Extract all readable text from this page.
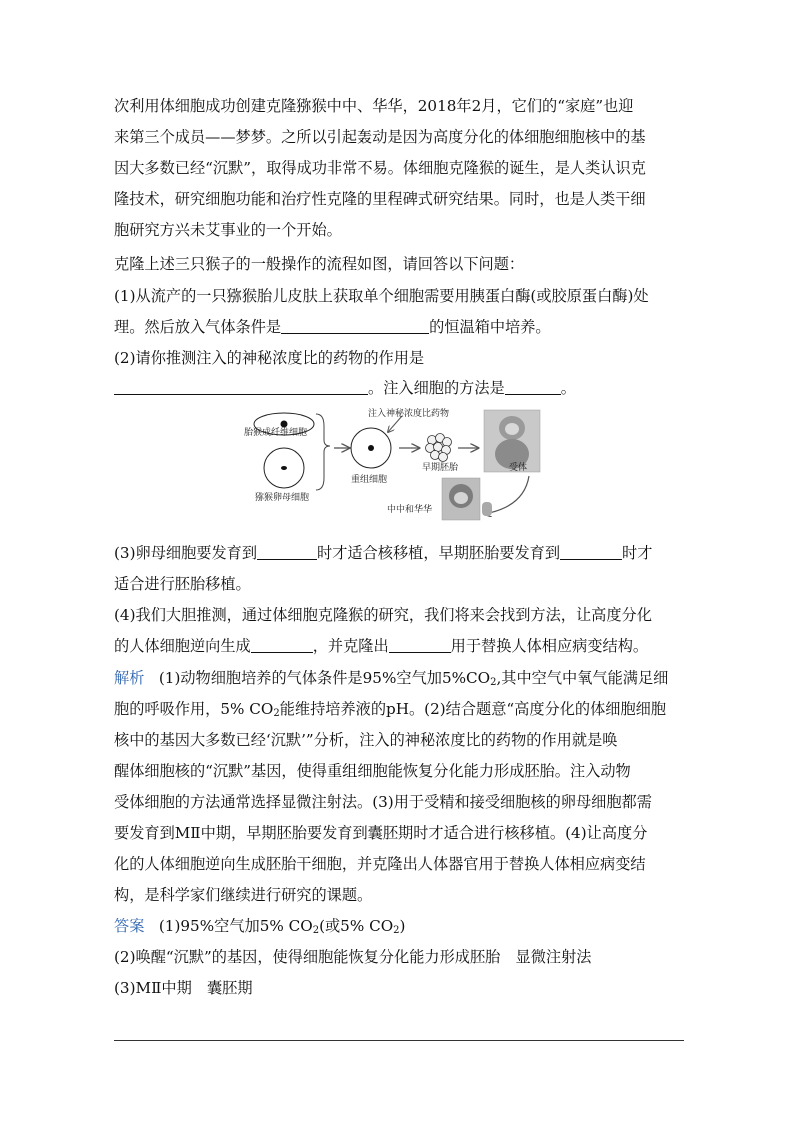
次利用体细胞成功创建克隆猕猴中中、华华，2018年2月，它们的“家庭”也迎
来第三个成员——梦梦。之所以引起轰动是因为高度分化的体细胞细胞核中的基
因大多数已经“沉默”，取得成功非常不易。体细胞克隆猴的诞生，是人类认识克
隆技术，研究细胞功能和治疗性克隆的里程碑式研究结果。同时，也是人类干细
胞研究方兴未艾事业的一个开始。
克隆上述三只猴子的一般操作的流程如图，请回答以下问题：
(1)从流产的一只猕猴胎儿皮肤上获取单个细胞需要用胰蛋白酶(或胶原蛋白酶)处
理。然后放入气体条件是	的恒温箱中培养。
(2)请你推测注入的神秘浓度比的药物的作用是
。注入细胞的方法是	。
胎猴成纤维细胞
猕猴卵母细胞
注入神秘浓度比药物
重组细胞
早期胚胎	受体
中中和华华
(3)卵母细胞要发育到	时才适合核移植，早期胚胎要发育到	时才
适合进行胚胎移植。
(4)我们大胆推测，通过体细胞克隆猴的研究，我们将来会找到方法，让高度分化
的人体细胞逆向生成	，并克隆出	用于替换人体相应病变结构。
解析 (1)动物细胞培养的气体条件是95%空气加$5\%CO_2$,其中空气中氧气能满足细
胞的呼吸作用，5% $CO_2$能维持培养液的pH。(2)结合题意“高度分化的体细胞细胞
核中的基因大多数已经‘沉默’”分析，注入的神秘浓度比的药物的作用就是唤
醒体细胞核的“沉默”基因，使得重组细胞能恢复分化能力形成胚胎。注入动物
受体细胞的方法通常选择显微注射法。(3)用于受精和接受细胞核的卵母细胞都需
要发育到MⅡ中期，早期胚胎要发育到囊胚期时才适合进行核移植。(4)让高度分
化的人体细胞逆向生成胚胎干细胞，并克隆出人体器官用于替换人体相应病变结
构，是科学家们继续进行研究的课题。
答案 (1)95%空气加5% $CO_2$(或5% $CO_2$)
(2)唤醒“沉默”的基因，使得细胞能恢复分化能力形成胚胎　显微注射法
(3)MⅡ中期　囊胚期
